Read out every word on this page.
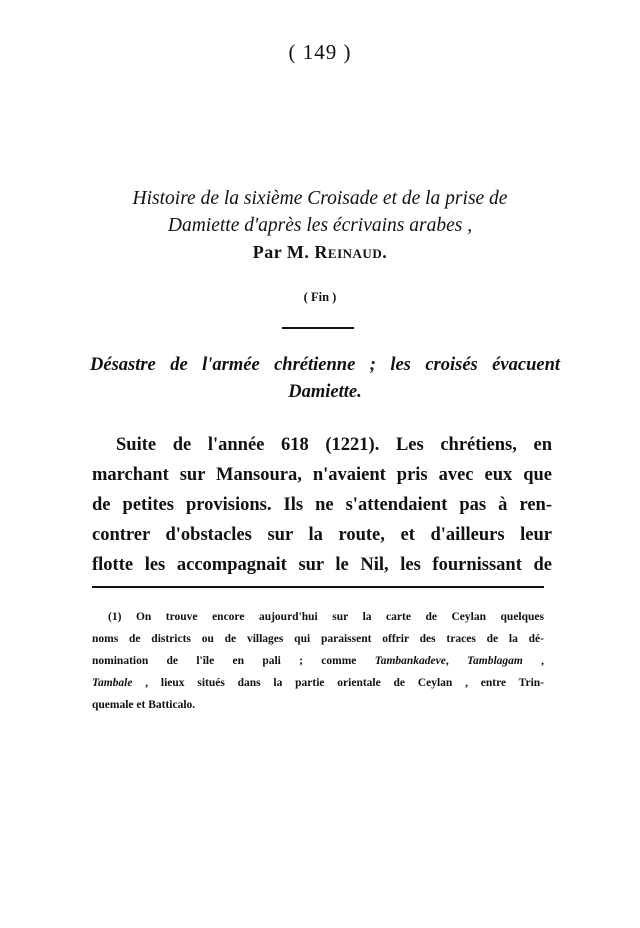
( 149 )
Histoire de la sixième Croisade et de la prise de
Damiette d'après les écrivains arabes ,
Par M. Reinaud.
( Fin )
Désastre de l'armée chrétienne ; les croisés évacuent
Damiette.
Suite de l'année 618 (1221). Les chrétiens, en
marchant sur Mansoura, n'avaient pris avec eux que
de petites provisions. Ils ne s'attendaient pas à ren-
contrer d'obstacles sur la route, et d'ailleurs leur
flotte les accompagnait sur le Nil, les fournissant de
(1) On trouve encore aujourd'hui sur la carte de Ceylan quelques
noms de districts ou de villages qui paraissent offrir des traces de la dé-
nomination de l'île en pali ; comme Tambankadeve, Tamblagam ,
Tambale , lieux situés dans la partie orientale de Ceylan , entre Trin-
quemale et Batticalo.
